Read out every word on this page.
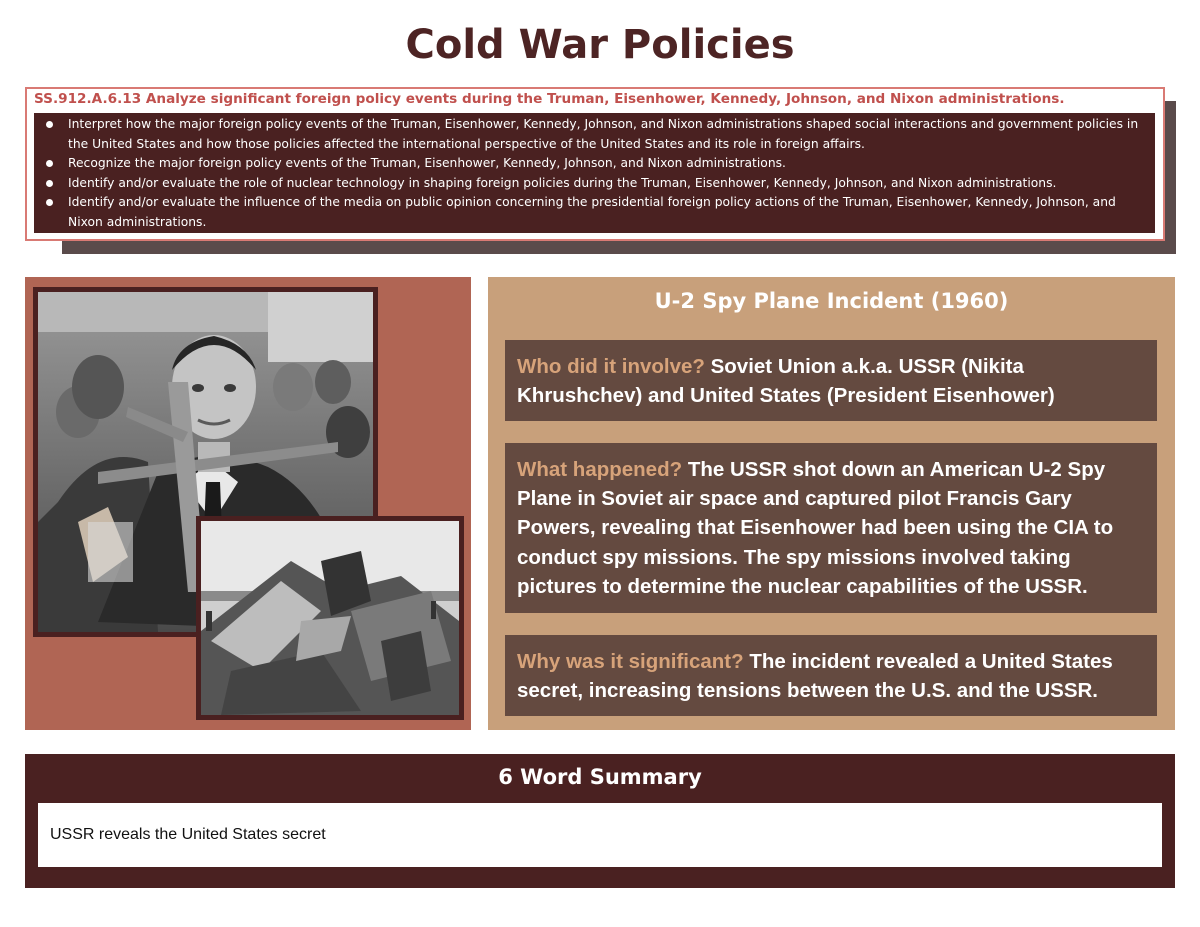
Cold War Policies
SS.912.A.6.13 Analyze significant foreign policy events during the Truman, Eisenhower, Kennedy, Johnson, and Nixon administrations.
Interpret how the major foreign policy events of the Truman, Eisenhower, Kennedy, Johnson, and Nixon administrations shaped social interactions and government policies in the United States and how those policies affected the international perspective of the United States and its role in foreign affairs.
Recognize the major foreign policy events of the Truman, Eisenhower, Kennedy, Johnson, and Nixon administrations.
Identify and/or evaluate the role of nuclear technology in shaping foreign policies during the Truman, Eisenhower, Kennedy, Johnson, and Nixon administrations.
Identify and/or evaluate the influence of the media on public opinion concerning the presidential foreign policy actions of the Truman, Eisenhower, Kennedy, Johnson, and Nixon administrations.
U-2 Spy Plane Incident (1960)
Who did it involve? Soviet Union a.k.a. USSR (Nikita Khrushchev) and United States (President Eisenhower)
What happened? The USSR shot down an American U-2 Spy Plane in Soviet air space and captured pilot Francis Gary Powers, revealing that Eisenhower had been using the CIA to conduct spy missions. The spy missions involved taking pictures to determine the nuclear capabilities of the USSR.
Why was it significant? The incident revealed a United States secret, increasing tensions between the U.S. and the USSR.
6 Word Summary
USSR reveals the United States secret
